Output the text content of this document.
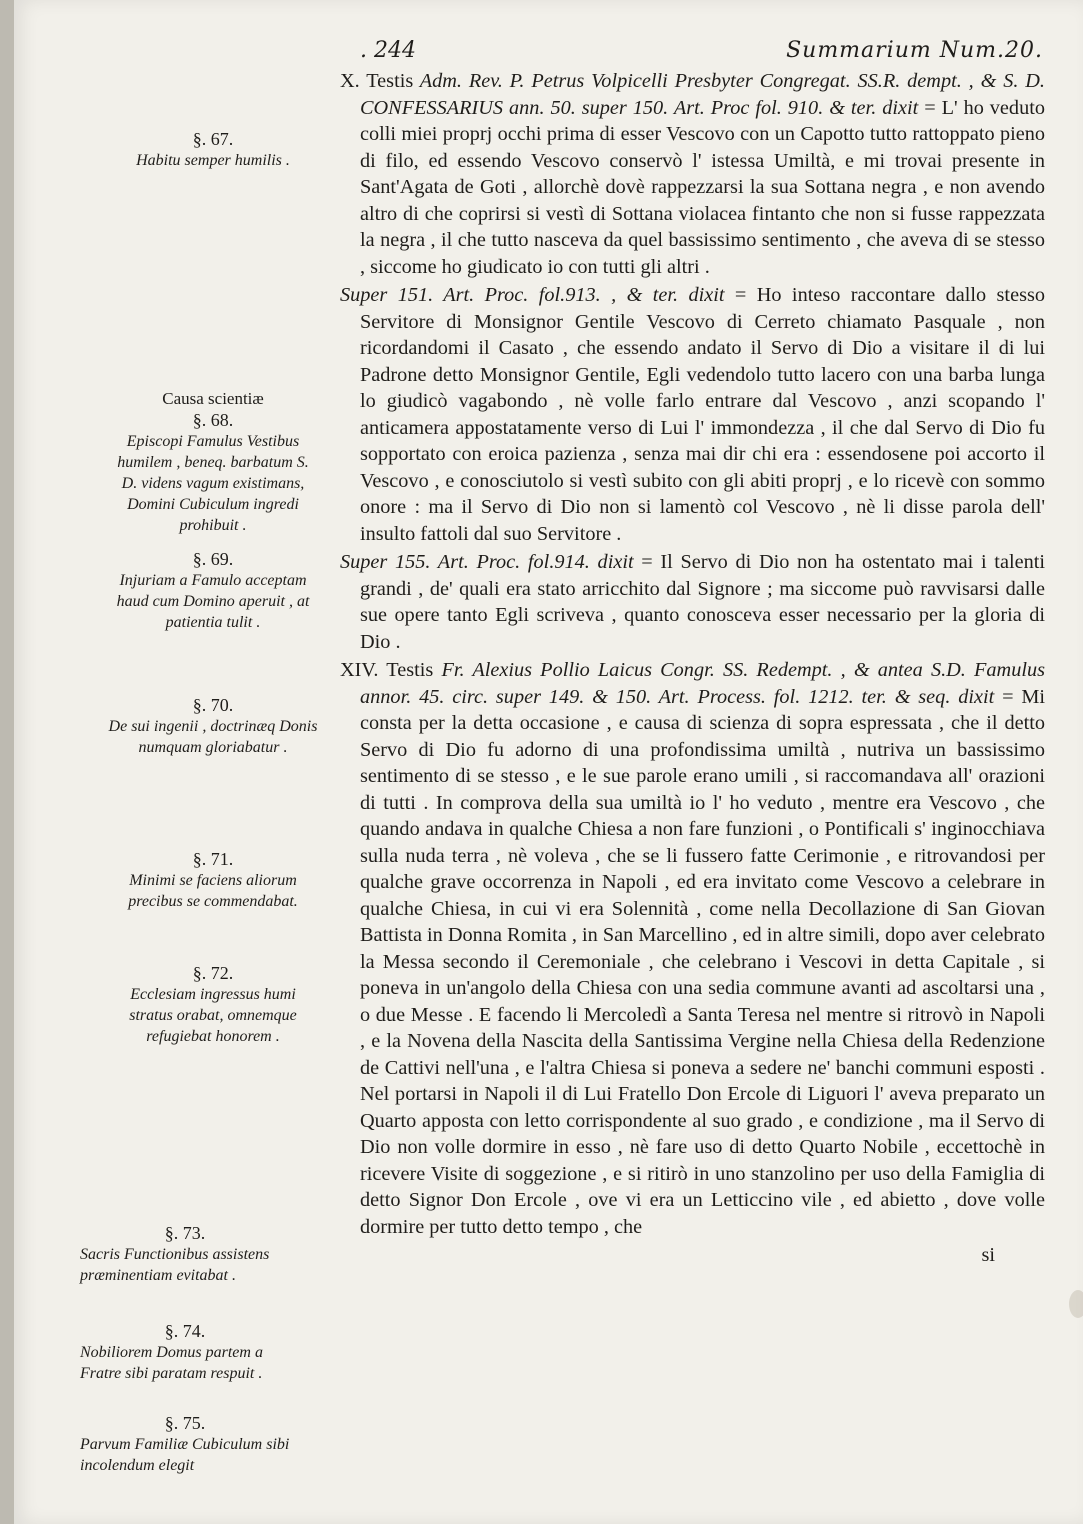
. 244	Summarium Num.20.
§. 67.
Habitu semper humilis .
Causa scientiæ
§. 68.
Episcopi Famulus Vestibus humilem , beneq. barbatum S. D. videns vagum existimans, Domini Cubiculum ingredi prohibuit .
§. 69.
Injuriam a Famulo acceptam haud cum Domino aperuit , at patientia tulit .
§. 70.
De sui ingenii , doctrinæq Donis numquam gloriabatur .
§. 71.
Minimi se faciens aliorum precibus se commendabat.
§. 72.
Ecclesiam ingressus humi stratus orabat, omnemque refugiebat honorem .
§. 73.
Sacris Functionibus assistens præminentiam evitabat .
§. 74.
Nobiliorem Domus partem a Fratre sibi paratam respuit .
§. 75.
Parvum Familiæ Cubiculum sibi incolendum elegit

X. Testis Adm. Rev. P. Petrus Volpicelli Presbyter Congregat. SS.R. dempt. , & S. D. CONFESSARIUS ann. 50. super 150. Art. Proc fol. 910. & ter. dixit = L' ho veduto colli miei proprj occhi prima di esser Vescovo con un Capotto tutto rattoppato pieno di filo, ed essendo Vescovo conservò l' istessa Umiltà, e mi trovai presente in Sant'Agata de Goti , allorchè dovè rappezzarsi la sua Sottana negra , e non avendo altro di che coprirsi si vestì di Sottana violacea fintanto che non si fusse rappezzata la negra , il che tutto nasceva da quel bassissimo sentimento , che aveva di se stesso , siccome ho giudicato io con tutti gli altri .

Super 151. Art. Proc. fol.913. , & ter. dixit = Ho inteso raccontare dallo stesso Servitore di Monsignor Gentile Vescovo di Cerreto chiamato Pasquale , non ricordandomi il Casato , che essendo andato il Servo di Dio a visitare il di lui Padrone detto Monsignor Gentile, Egli vedendolo tutto lacero con una barba lunga lo giudicò vagabondo , nè volle farlo entrare dal Vescovo , anzi scopando l' anticamera appostatamente verso di Lui l' immondezza , il che dal Servo di Dio fu sopportato con eroica pazienza , senza mai dir chi era : essendosene poi accorto il Vescovo , e conosciutolo si vestì subito con gli abiti proprj , e lo ricevè con sommo onore : ma il Servo di Dio non si lamentò col Vescovo , nè li disse parola dell' insulto fattoli dal suo Servitore .

Super 155. Art. Proc. fol.914. dixit = Il Servo di Dio non ha ostentato mai i talenti grandi , de' quali era stato arricchito dal Signore ; ma siccome può ravvisarsi dalle sue opere tanto Egli scriveva , quanto conosceva esser necessario per la gloria di Dio .

XIV. Testis Fr. Alexius Pollio Laicus Congr. SS. Redempt. , & antea S.D. Famulus annor. 45. circ. super 149. & 150. Art. Process. fol. 1212. ter. & seq. dixit = Mi consta per la detta occasione , e causa di scienza di sopra espressata , che il detto Servo di Dio fu adorno di una profondissima umiltà , nutriva un bassissimo sentimento di se stesso , e le sue parole erano umili , si raccomandava all' orazioni di tutti . In comprova della sua umiltà io l' ho veduto , mentre era Vescovo , che quando andava in qualche Chiesa a non fare funzioni , o Pontificali s' inginocchiava sulla nuda terra , nè voleva , che se li fussero fatte Cerimonie , e ritrovandosi per qualche grave occorrenza in Napoli , ed era invitato come Vescovo a celebrare in qualche Chiesa, in cui vi era Solennità , come nella Decollazione di San Giovan Battista in Donna Romita , in San Marcellino , ed in altre simili, dopo aver celebrato la Messa secondo il Ceremoniale , che celebrano i Vescovi in detta Capitale , si poneva in un'angolo della Chiesa con una sedia commune avanti ad ascoltarsi una , o due Messe . E facendo li Mercoledì a Santa Teresa nel mentre si ritrovò in Napoli , e la Novena della Nascita della Santissima Vergine nella Chiesa della Redenzione de Cattivi nell'una , e l'altra Chiesa si poneva a sedere ne' banchi communi esposti . Nel portarsi in Napoli il di Lui Fratello Don Ercole di Liguori l' aveva preparato un Quarto apposta con letto corrispondente al suo grado , e condizione , ma il Servo di Dio non volle dormire in esso , nè fare uso di detto Quarto Nobile , eccettochè in ricevere Visite di soggezione , e si ritirò in uno stanzolino per uso della Famiglia di detto Signor Don Ercole , ove vi era un Letticcino vile , ed abietto , dove volle dormire per tutto detto tempo , che

si
